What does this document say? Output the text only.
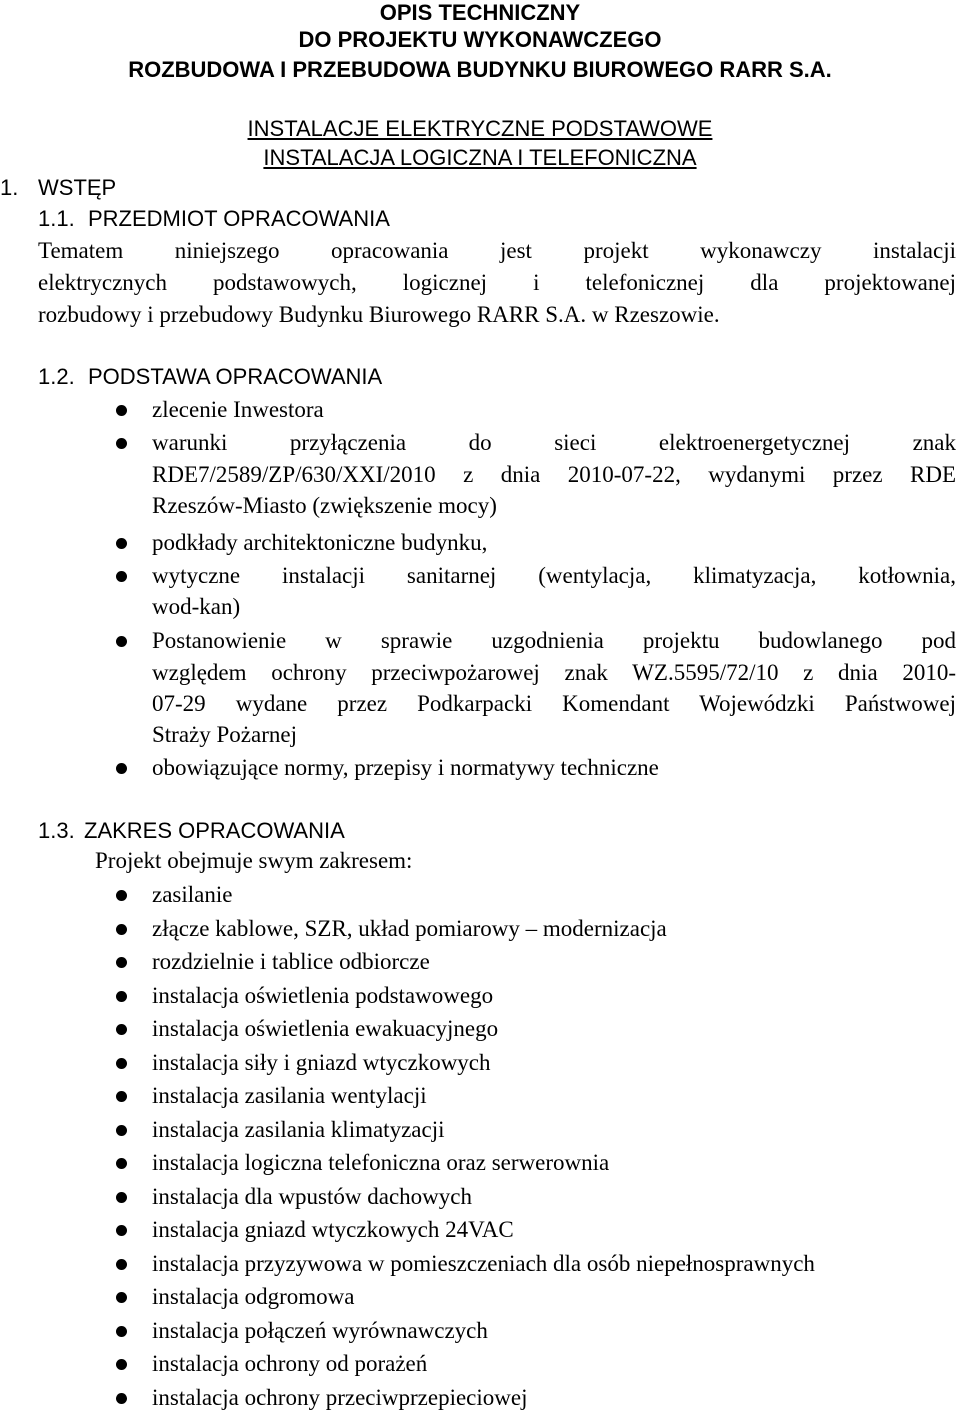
OPIS TECHNICZNY
DO PROJEKTU WYKONAWCZEGO
ROZBUDOWA I PRZEBUDOWA BUDYNKU BIUROWEGO RARR S.A.
INSTALACJE ELEKTRYCZNE PODSTAWOWE
INSTALACJA LOGICZNA I TELEFONICZNA
1. WSTĘP
1.1. PRZEDMIOT OPRACOWANIA
Tematem niniejszego opracowania jest projekt wykonawczy instalacji
elektrycznych podstawowych, logicznej i telefonicznej dla projektowanej
rozbudowy i przebudowy Budynku Biurowego RARR S.A. w Rzeszowie.
1.2. PODSTAWA OPRACOWANIA
zlecenie Inwestora
warunki przyłączenia do sieci elektroenergetycznej znak
RDE7/2589/ZP/630/XXI/2010 z dnia 2010-07-22, wydanymi przez RDE
Rzeszów-Miasto (zwiększenie mocy)
podkłady architektoniczne budynku,
wytyczne instalacji sanitarnej (wentylacja, klimatyzacja, kotłownia,
wod-kan)
Postanowienie w sprawie uzgodnienia projektu budowlanego pod
względem ochrony przeciwpożarowej znak WZ.5595/72/10 z dnia 2010-
07-29 wydane przez Podkarpacki Komendant Wojewódzki Państwowej
Straży Pożarnej
obowiązujące normy, przepisy i normatywy techniczne
1.3. ZAKRES OPRACOWANIA
Projekt obejmuje swym zakresem:
zasilanie
złącze kablowe, SZR, układ pomiarowy – modernizacja
rozdzielnie i tablice odbiorcze
instalacja oświetlenia podstawowego
instalacja oświetlenia ewakuacyjnego
instalacja siły i gniazd wtyczkowych
instalacja zasilania wentylacji
instalacja zasilania klimatyzacji
instalacja logiczna telefoniczna oraz serwerownia
instalacja dla wpustów dachowych
instalacja gniazd wtyczkowych 24VAC
instalacja przyzywowa w pomieszczeniach dla osób niepełnosprawnych
instalacja odgromowa
instalacja połączeń wyrównawczych
instalacja ochrony od porażeń
instalacja ochrony przeciwprzepieciowej
